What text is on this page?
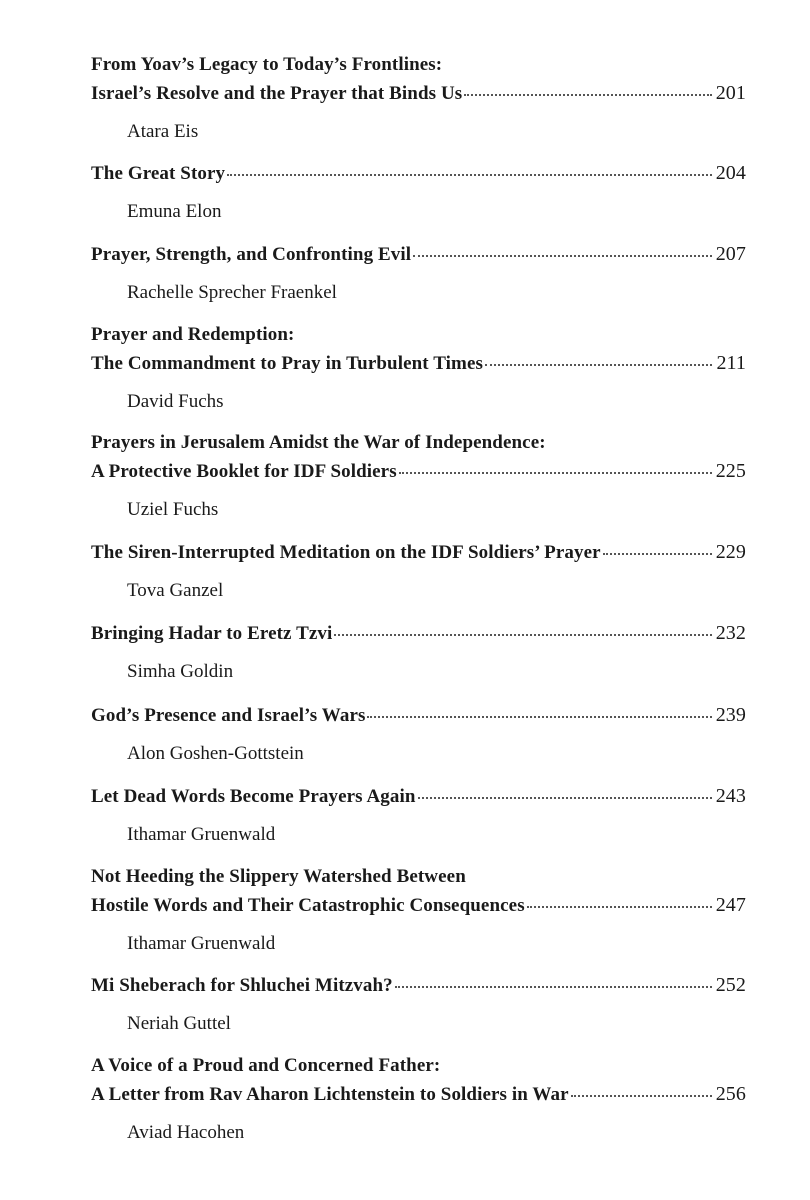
From Yoav’s Legacy to Today’s Frontlines:
Israel’s Resolve and the Prayer that Binds Us	201
Atara Eis
The Great Story	204
Emuna Elon
Prayer, Strength, and Confronting Evil	207
Rachelle Sprecher Fraenkel
Prayer and Redemption:
The Commandment to Pray in Turbulent Times	211
David Fuchs
Prayers in Jerusalem Amidst the War of Independence:
A Protective Booklet for IDF Soldiers	225
Uziel Fuchs
The Siren-Interrupted Meditation on the IDF Soldiers’ Prayer	229
Tova Ganzel
Bringing Hadar to Eretz Tzvi	232
Simha Goldin
God’s Presence and Israel’s Wars	239
Alon Goshen-Gottstein
Let Dead Words Become Prayers Again	243
Ithamar Gruenwald
Not Heeding the Slippery Watershed Between
Hostile Words and Their Catastrophic Consequences	247
Ithamar Gruenwald
Mi Sheberach for Shluchei Mitzvah?	252
Neriah Guttel
A Voice of a Proud and Concerned Father:
A Letter from Rav Aharon Lichtenstein to Soldiers in War	256
Aviad Hacohen
